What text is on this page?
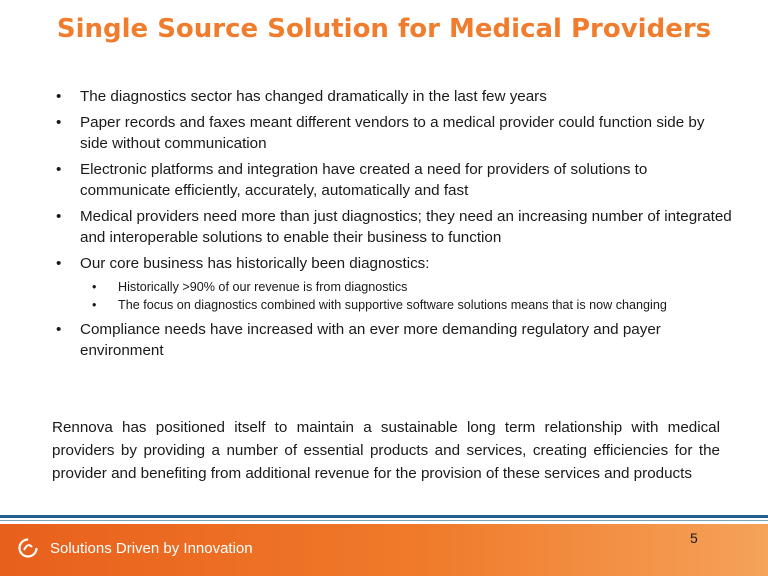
Single Source Solution for Medical Providers
• The diagnostics sector has changed dramatically in the last few years
• Paper records and faxes meant different vendors to a medical provider could function side by side without communication
• Electronic platforms and integration have created a need for providers of solutions to communicate efficiently, accurately, automatically and fast
• Medical providers need more than just diagnostics; they need an increasing number of integrated and interoperable solutions to enable their business to function
• Our core business has historically been diagnostics:
• Historically >90% of our revenue is from diagnostics
• The focus on diagnostics combined with supportive software solutions means that is now changing
• Compliance needs have increased with an ever more demanding regulatory and payer environment

Rennova has positioned itself to maintain a sustainable long term relationship with medical providers by providing a number of essential products and services, creating efficiencies for the provider and benefiting from additional revenue for the provision of these services and products

Solutions Driven by Innovation
5
